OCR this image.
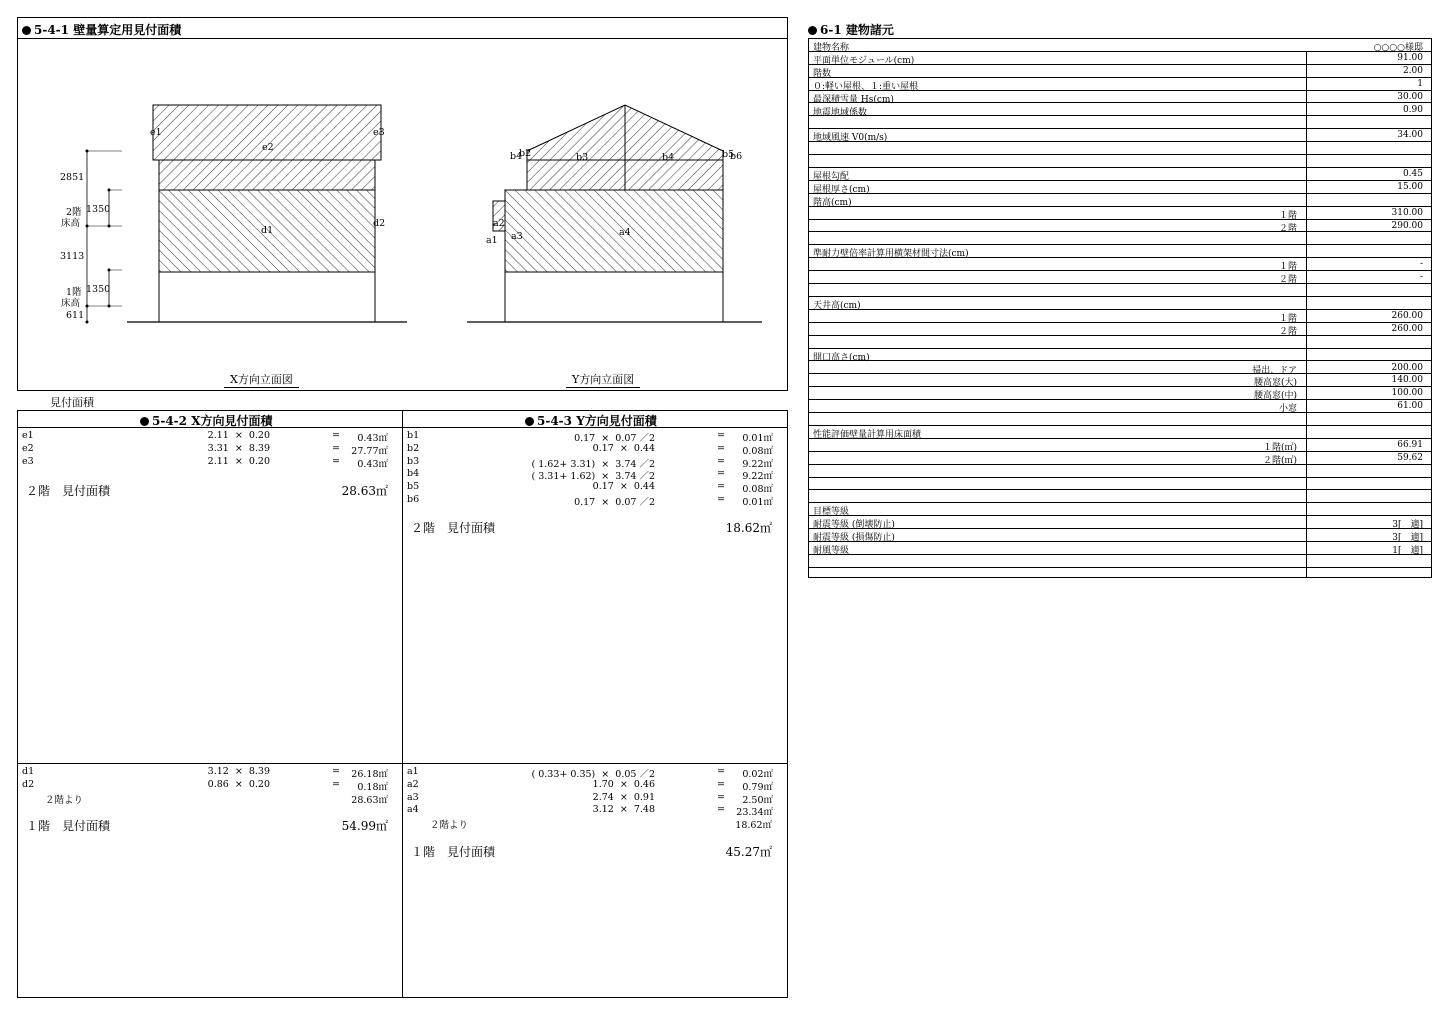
5-4-1 壁量算定用見付面積
2851
2階
床高
1350
3113
1階
床高
1350
611
e1
e2
e3
d1
d2
b4
b2	b3	b4	b5
b6
a2
a1 a3	a4
X方向立面図	Y方向立面図
見付面積
5-4-2 X方向見付面積	5-4-3 Y方向見付面積
e1	2.11  ×  0.20	=	0.43㎡
e2	3.31  ×  8.39	=	27.77㎡
e3	2.11  ×  0.20	=	0.43㎡
２階　見付面積	28.63㎡
d1	3.12  ×  8.39	=	26.18㎡
d2	0.86  ×  0.20	=	0.18㎡
２階より	28.63㎡
１階　見付面積	54.99㎡
b1	0.17  ×  0.07 ／2	=	0.01㎡
b2	0.17  ×  0.44	=	0.08㎡
b3	( 1.62+ 3.31)  ×  3.74 ／2	=	9.22㎡
b4	( 3.31+ 1.62)  ×  3.74 ／2	=	9.22㎡
b5	0.17  ×  0.44	=	0.08㎡
b6	0.17  ×  0.07 ／2	=	0.01㎡
２階　見付面積	18.62㎡
a1	( 0.33+ 0.35)  ×  0.05 ／2	=	0.02㎡
a2	1.70  ×  0.46	=	0.79㎡
a3	2.74  ×  0.91	=	2.50㎡
a4	3.12  ×  7.48	=	23.34㎡
２階より	18.62㎡
１階　見付面積	45.27㎡
6-1 建物諸元
建物名称	○○○○様邸
平面単位モジュール(cm)	91.00
階数	2.00
０:軽い屋根、１:重い屋根	1
最深積雪量 Hs(cm)	30.00
地震地域係数	0.90
地域風速 V0(m/s)	34.00
屋根勾配	0.45
屋根厚さ(cm)	15.00
階高(cm)
１階	310.00
２階	290.00
準耐力壁倍率計算用横架材間寸法(cm)
１階	-
２階	-
天井高(cm)
１階	260.00
２階	260.00
開口高さ(cm)
掃出、ドア	200.00
腰高窓(大)	140.00
腰高窓(中)	100.00
小窓	61.00
性能評価壁量計算用床面積
１階(㎡)	66.91
２階(㎡)	59.62
目標等級
耐震等級 (倒壊防止)	3[　適]
耐震等級 (損傷防止)	3[　適]
耐風等級	1[　適]
